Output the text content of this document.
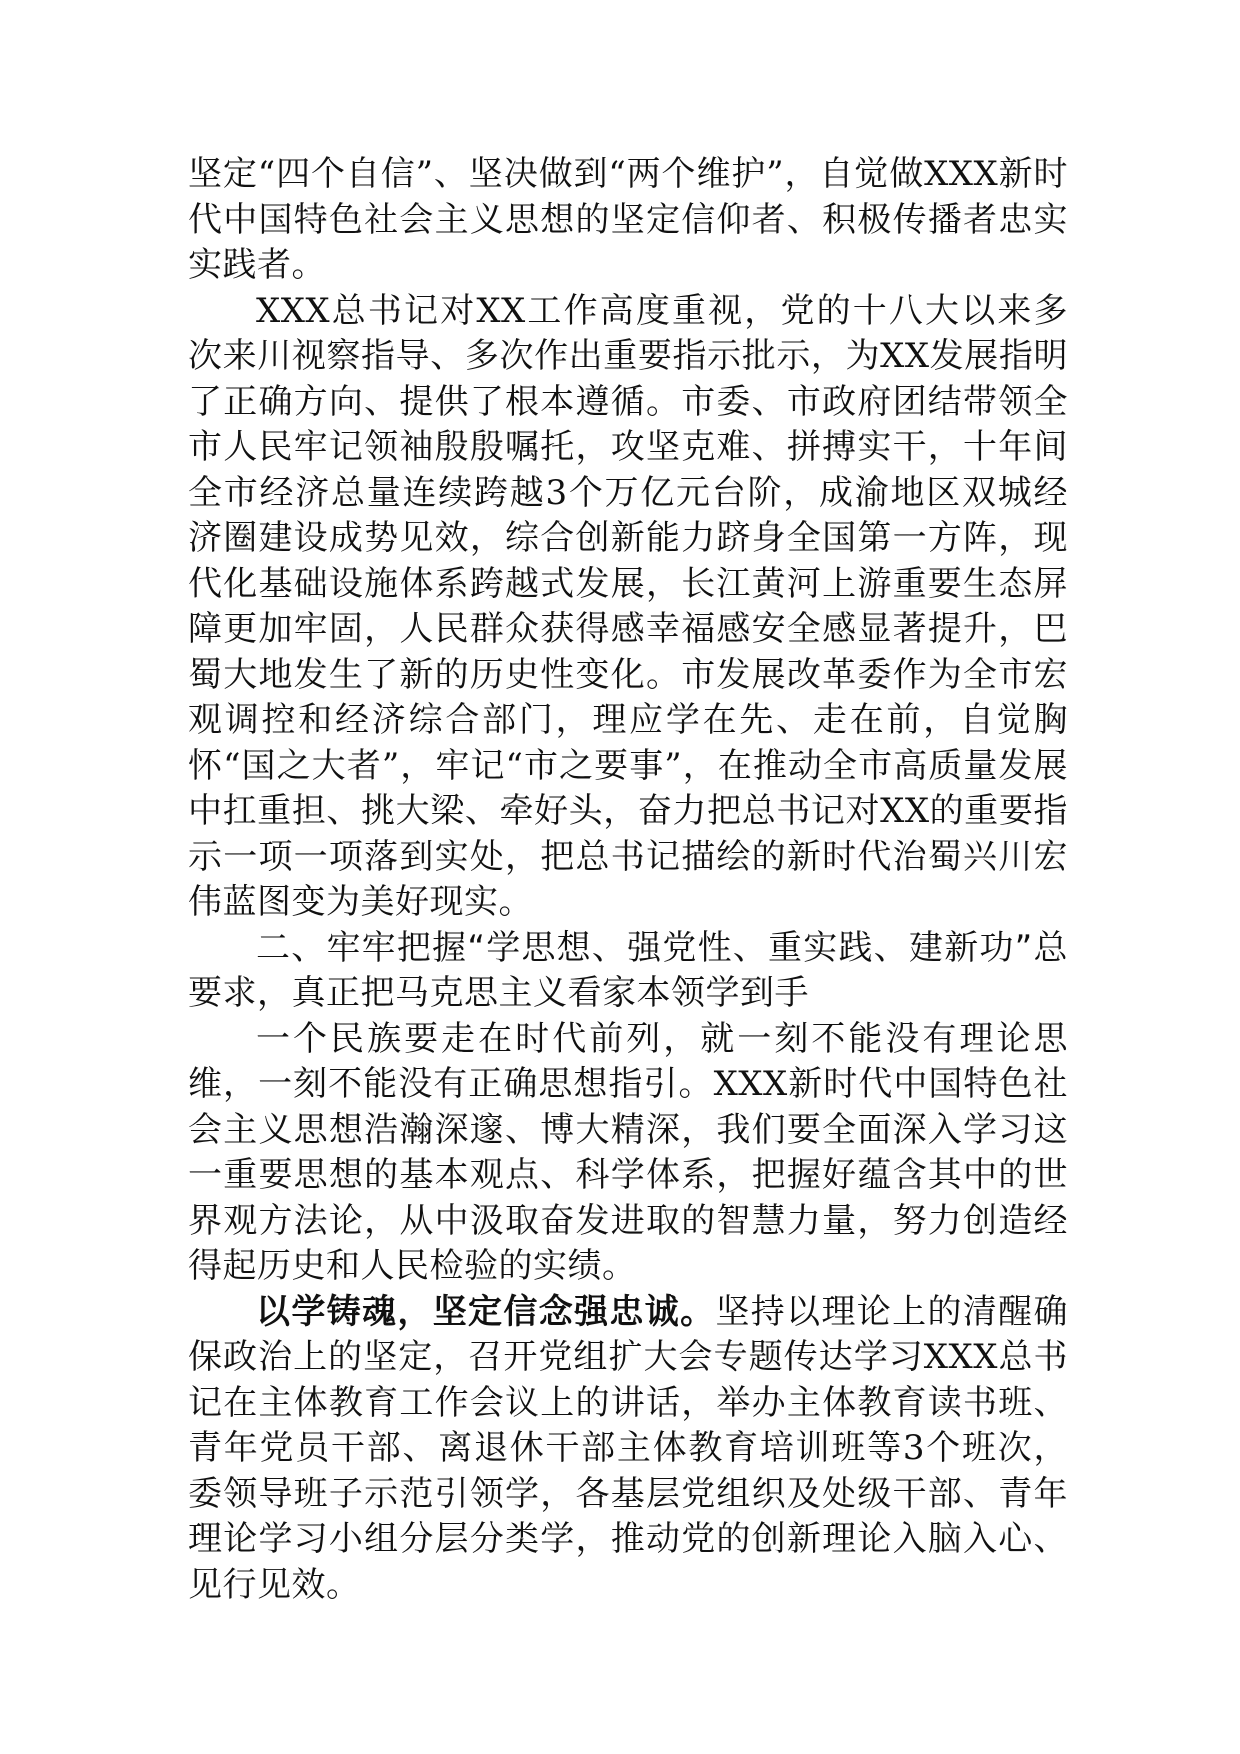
坚定“四个自信”、坚决做到“两个维护”，自觉做XXX新时代中国特色社会主义思想的坚定信仰者、积极传播者忠实实践者。

XXX总书记对XX工作高度重视，党的十八大以来多次来川视察指导、多次作出重要指示批示，为XX发展指明了正确方向、提供了根本遵循。市委、市政府团结带领全市人民牢记领袖殷殷嘱托，攻坚克难、拼搏实干，十年间全市经济总量连续跨越3个万亿元台阶，成渝地区双城经济圈建设成势见效，综合创新能力跻身全国第一方阵，现代化基础设施体系跨越式发展，长江黄河上游重要生态屏障更加牢固，人民群众获得感幸福感安全感显著提升，巴蜀大地发生了新的历史性变化。市发展改革委作为全市宏观调控和经济综合部门，理应学在先、走在前，自觉胸怀“国之大者”，牢记“市之要事”，在推动全市高质量发展中扛重担、挑大梁、牵好头，奋力把总书记对XX的重要指示一项一项落到实处，把总书记描绘的新时代治蜀兴川宏伟蓝图变为美好现实。

二、牢牢把握“学思想、强党性、重实践、建新功”总要求，真正把马克思主义看家本领学到手

一个民族要走在时代前列，就一刻不能没有理论思维，一刻不能没有正确思想指引。XXX新时代中国特色社会主义思想浩瀚深邃、博大精深，我们要全面深入学习这一重要思想的基本观点、科学体系，把握好蕴含其中的世界观方法论，从中汲取奋发进取的智慧力量，努力创造经得起历史和人民检验的实绩。

以学铸魂，坚定信念强忠诚。坚持以理论上的清醒确保政治上的坚定，召开党组扩大会专题传达学习XXX总书记在主体教育工作会议上的讲话，举办主体教育读书班、青年党员干部、离退休干部主体教育培训班等3个班次，委领导班子示范引领学，各基层党组织及处级干部、青年理论学习小组分层分类学，推动党的创新理论入脑入心、见行见效。
